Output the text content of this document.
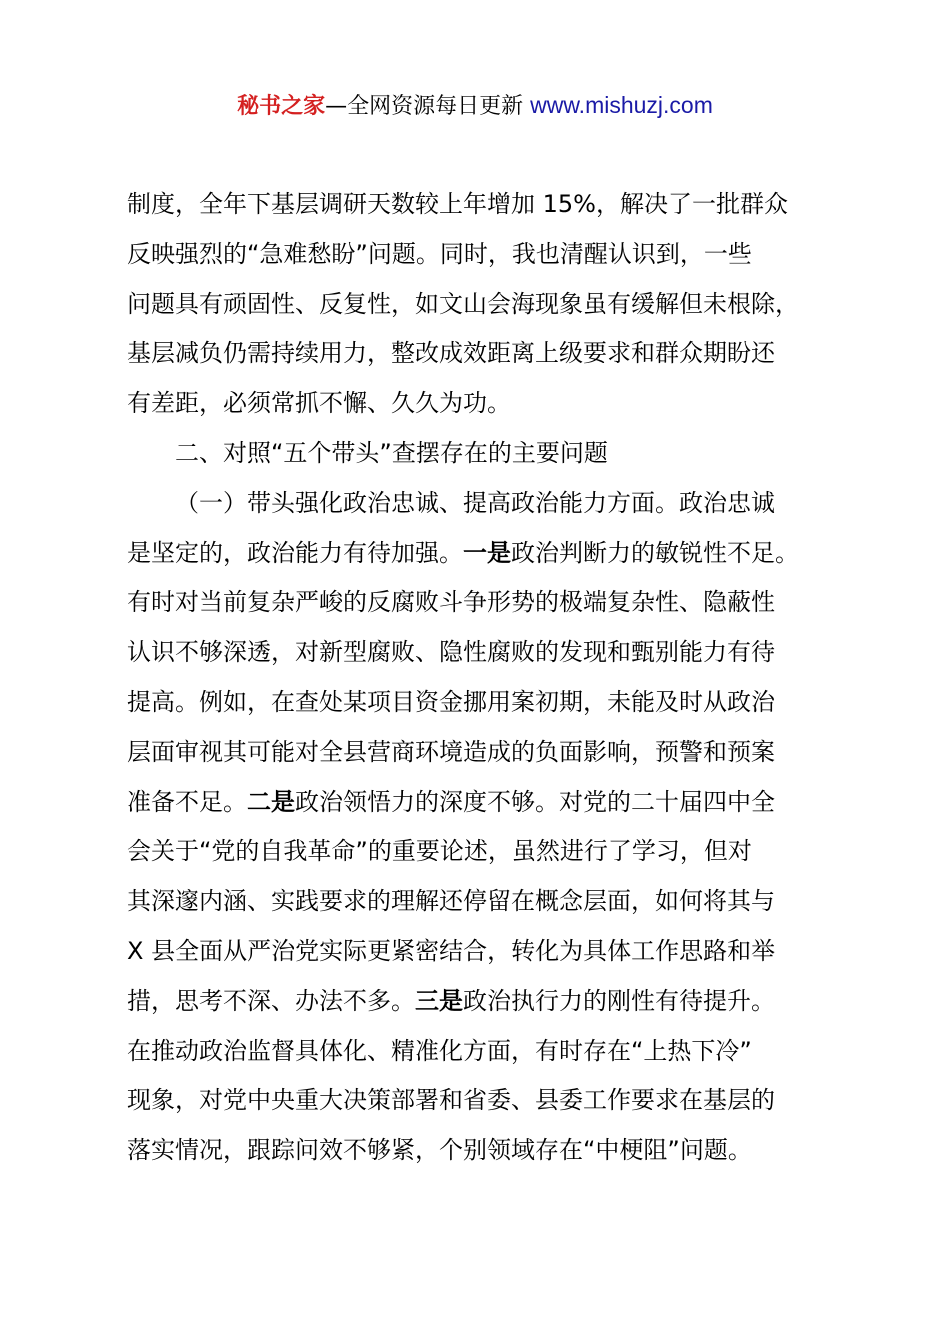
秘书之家—全网资源每日更新 www.mishuzj.com
制度，全年下基层调研天数较上年增加 15%，解决了一批群众
反映强烈的“急难愁盼”问题。同时，我也清醒认识到，一些
问题具有顽固性、反复性，如文山会海现象虽有缓解但未根除，
基层减负仍需持续用力，整改成效距离上级要求和群众期盼还
有差距，必须常抓不懈、久久为功。
二、对照“五个带头”查摆存在的主要问题
（一）带头强化政治忠诚、提高政治能力方面。政治忠诚
是坚定的，政治能力有待加强。一是政治判断力的敏锐性不足。
有时对当前复杂严峻的反腐败斗争形势的极端复杂性、隐蔽性
认识不够深透，对新型腐败、隐性腐败的发现和甄别能力有待
提高。例如，在查处某项目资金挪用案初期，未能及时从政治
层面审视其可能对全县营商环境造成的负面影响，预警和预案
准备不足。二是政治领悟力的深度不够。对党的二十届四中全
会关于“党的自我革命”的重要论述，虽然进行了学习，但对
其深邃内涵、实践要求的理解还停留在概念层面，如何将其与
X 县全面从严治党实际更紧密结合，转化为具体工作思路和举
措，思考不深、办法不多。三是政治执行力的刚性有待提升。
在推动政治监督具体化、精准化方面，有时存在“上热下冷”
现象，对党中央重大决策部署和省委、县委工作要求在基层的
落实情况，跟踪问效不够紧，个别领域存在“中梗阻”问题。
